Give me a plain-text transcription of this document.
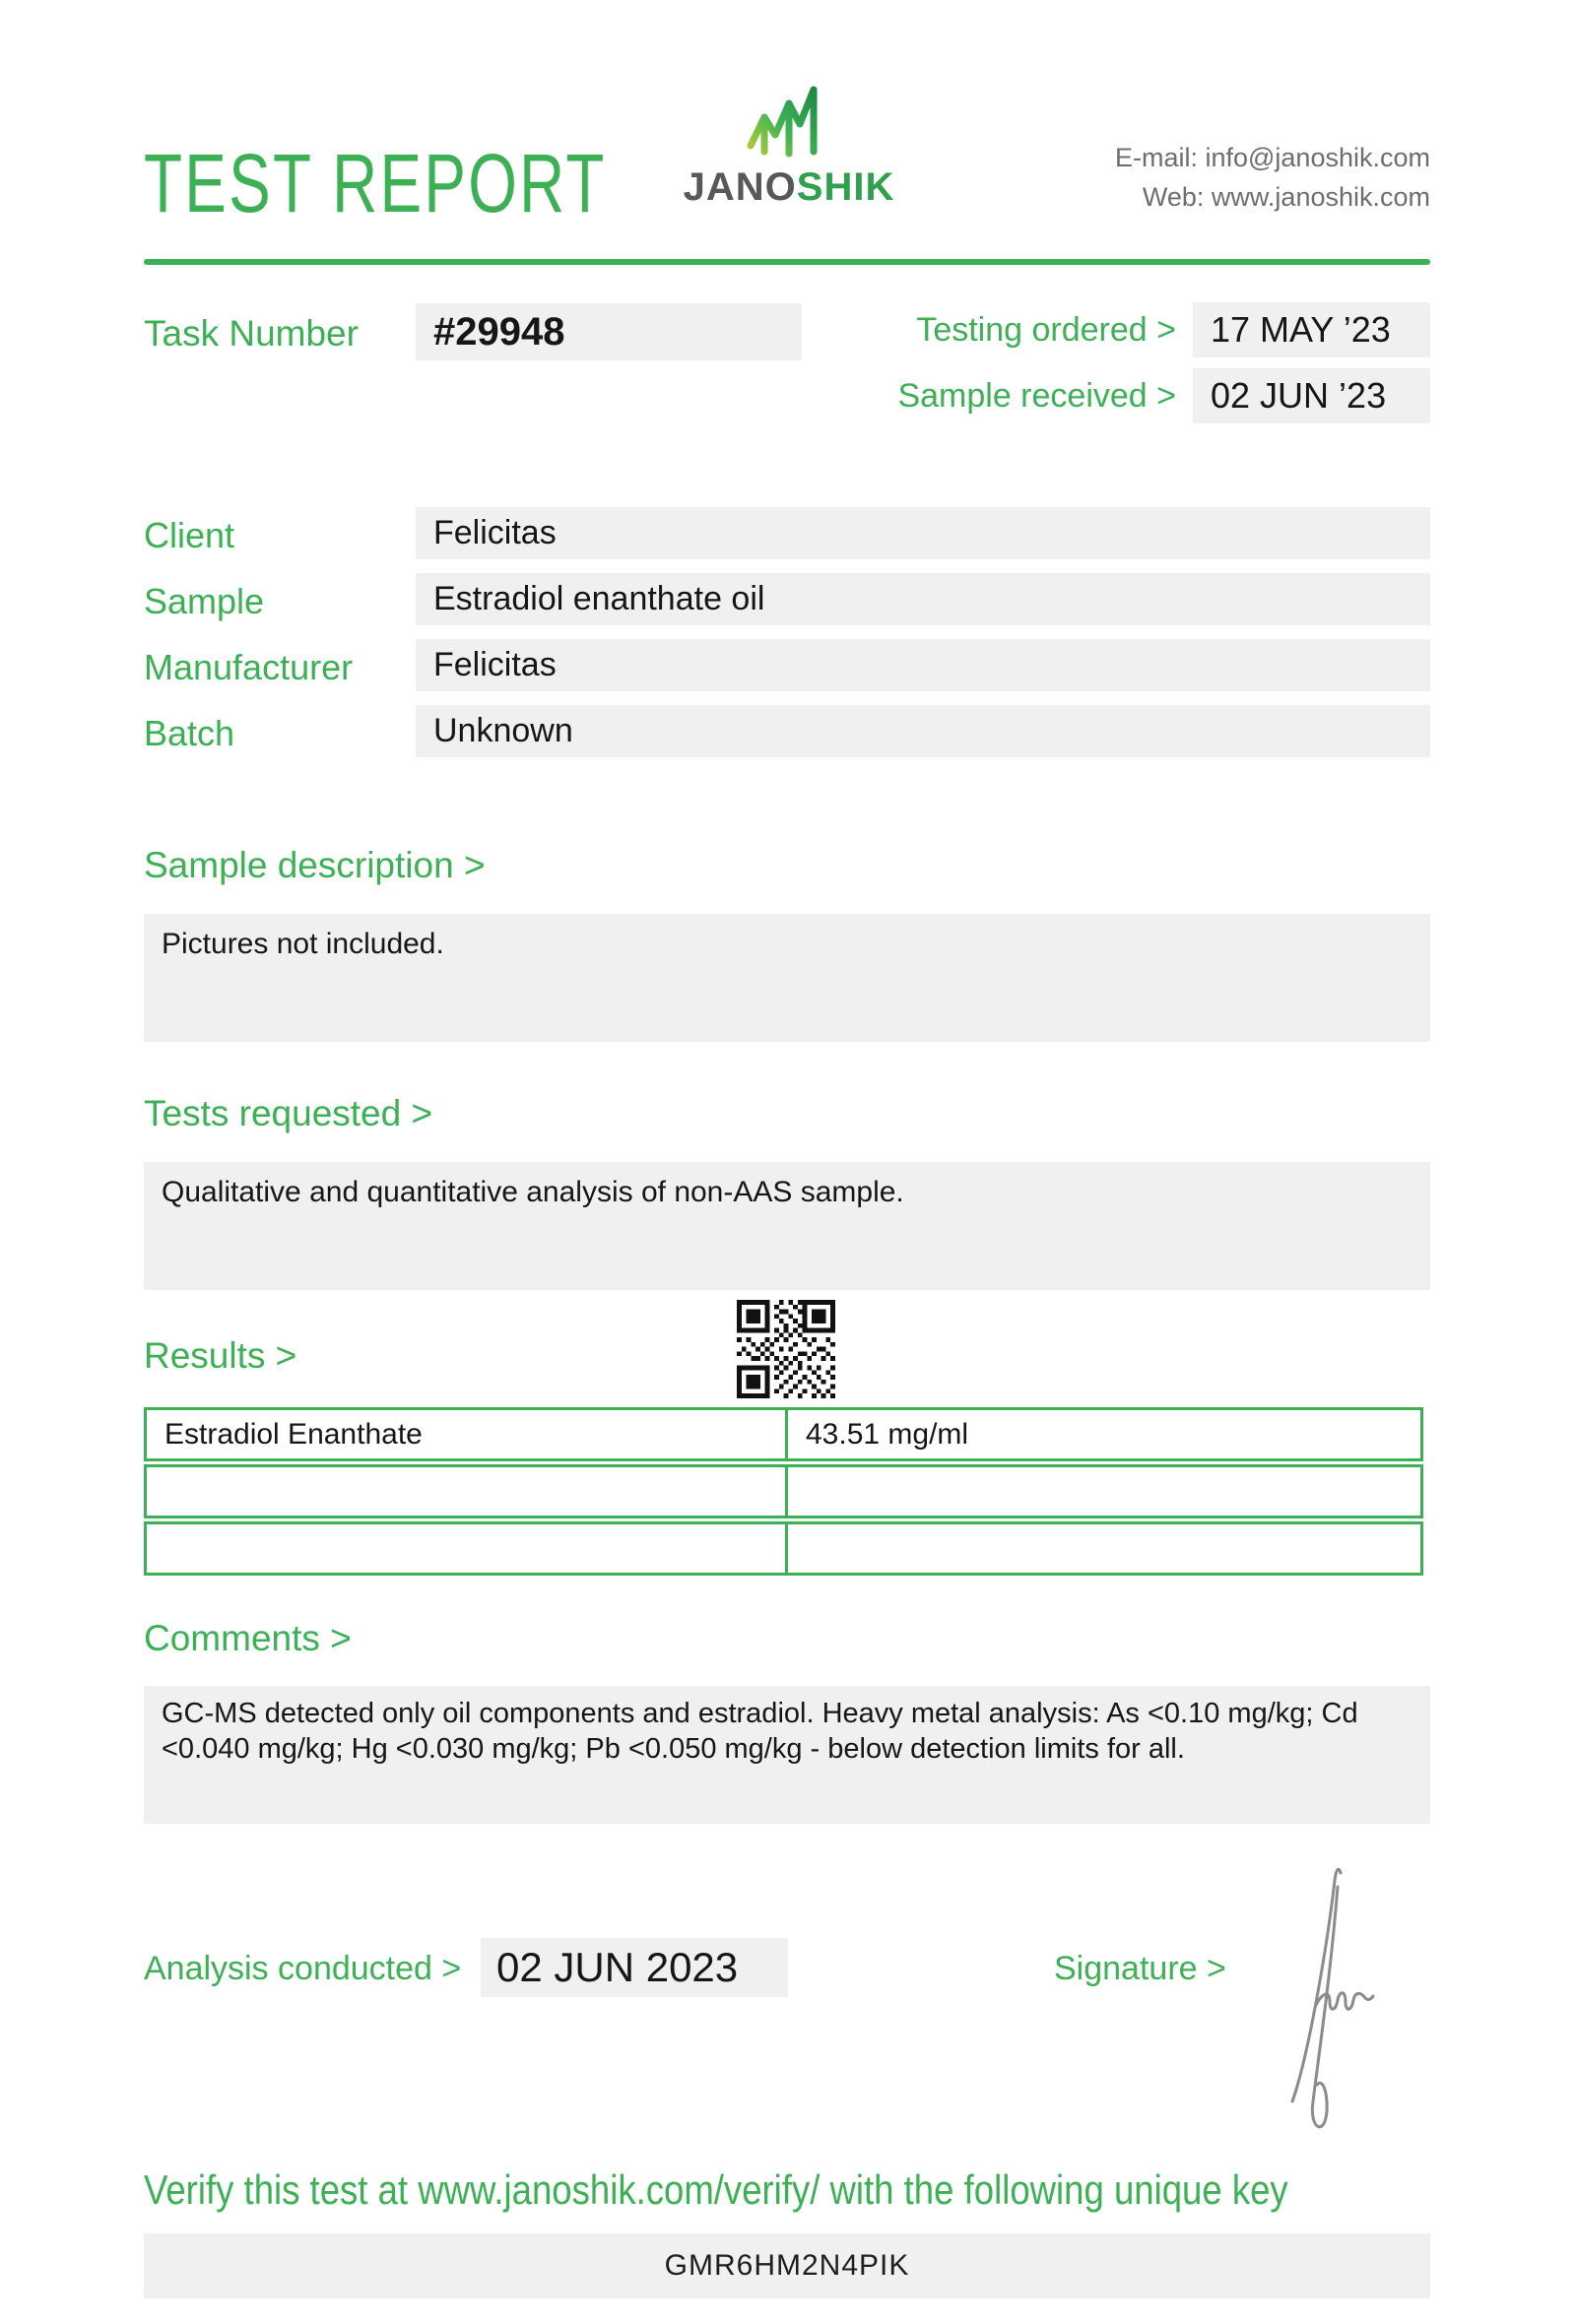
TEST REPORT JANOSHIK
E-mail: info@janoshik.com
Web: www.janoshik.com
Task Number	#29948	Testing ordered > 17 MAY ’23
Sample received > 02 JUN ’23
Client	Felicitas
Sample	Estradiol enanthate oil
Manufacturer	Felicitas
Batch	Unknown
Sample description >
Pictures not included.
Tests requested >
Qualitative and quantitative analysis of non-AAS sample.
Results >
Estradiol Enanthate	43.51 mg/ml
Comments >
GC-MS detected only oil components and estradiol. Heavy metal analysis: As <0.10 mg/kg; Cd <0.040 mg/kg; Hg <0.030 mg/kg; Pb <0.050 mg/kg - below detection limits for all.
Analysis conducted > 02 JUN 2023	Signature >
Verify this test at www.janoshik.com/verify/ with the following unique key
GMR6HM2N4PIK
